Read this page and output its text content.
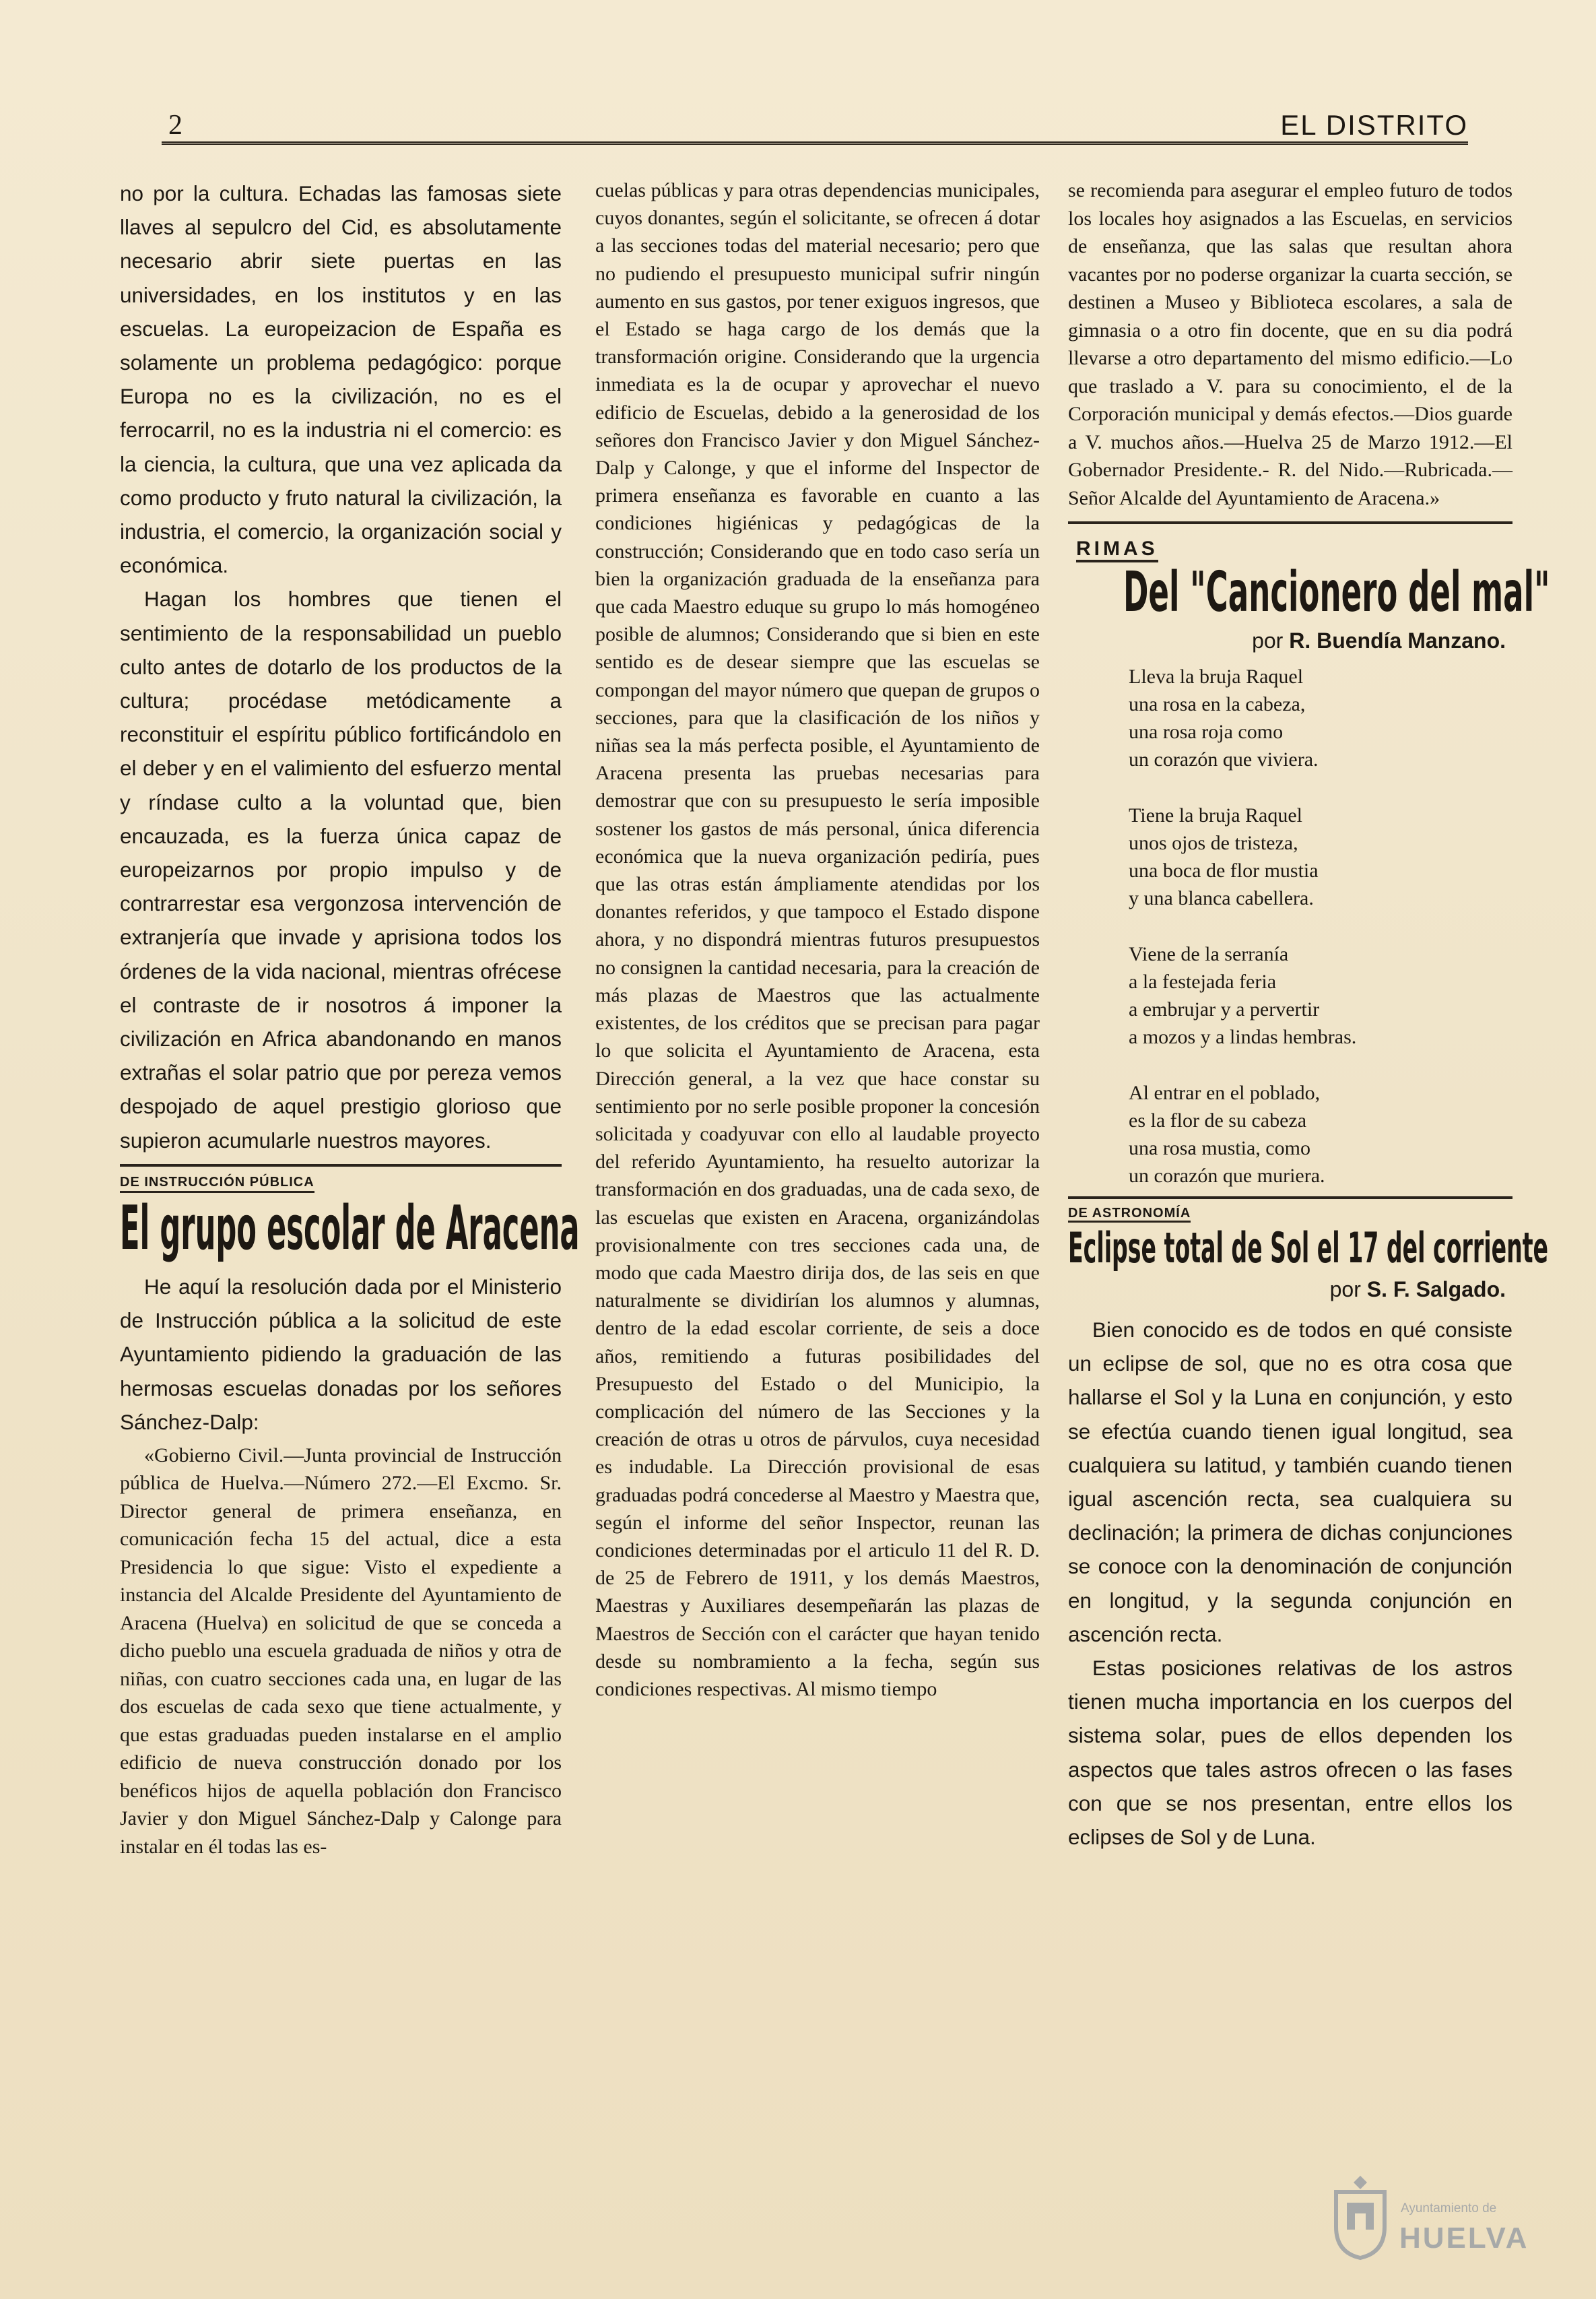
2	EL DISTRITO

no por la cultura. Echadas las famosas siete llaves al sepulcro del Cid, es absolutamente necesario abrir siete puertas en las universidades, en los institutos y en las escuelas. La europeizacion de España es solamente un problema pedagógico: porque Europa no es la civilización, no es el ferrocarril, no es la industria ni el comercio: es la ciencia, la cultura, que una vez aplicada da como producto y fruto natural la civilización, la industria, el comercio, la organización social y económica.

Hagan los hombres que tienen el sentimiento de la responsabilidad un pueblo culto antes de dotarlo de los productos de la cultura; procédase metódicamente a reconstituir el espíritu público fortificándolo en el deber y en el valimiento del esfuerzo mental y ríndase culto a la voluntad que, bien encauzada, es la fuerza única capaz de europeizarnos por propio impulso y de contrarrestar esa vergonzosa intervención de extranjería que invade y aprisiona todos los órdenes de la vida nacional, mientras ofrécese el contraste de ir nosotros á imponer la civilización en Africa abandonando en manos extrañas el solar patrio que por pereza vemos despojado de aquel prestigio glorioso que supieron acumularle nuestros mayores.

DE INSTRUCCIÓN PÚBLICA
El grupo escolar de Aracena

He aquí la resolución dada por el Ministerio de Instrucción pública a la solicitud de este Ayuntamiento pidiendo la graduación de las hermosas escuelas donadas por los señores Sánchez-Dalp:

«Gobierno Civil.—Junta provincial de Instrucción pública de Huelva.—Número 272.—El Excmo. Sr. Director general de primera enseñanza, en comunicación fecha 15 del actual, dice a esta Presidencia lo que sigue: Visto el expediente a instancia del Alcalde Presidente del Ayuntamiento de Aracena (Huelva) en solicitud de que se conceda a dicho pueblo una escuela graduada de niños y otra de niñas, con cuatro secciones cada una, en lugar de las dos escuelas de cada sexo que tiene actualmente, y que estas graduadas pueden instalarse en el amplio edificio de nueva construcción donado por los benéficos hijos de aquella población don Francisco Javier y don Miguel Sánchez-Dalp y Calonge para instalar en él todas las es-

cuelas públicas y para otras dependencias municipales, cuyos donantes, según el solicitante, se ofrecen á dotar a las secciones todas del material necesario; pero que no pudiendo el presupuesto municipal sufrir ningún aumento en sus gastos, por tener exiguos ingresos, que el Estado se haga cargo de los demás que la transformación origine. Considerando que la urgencia inmediata es la de ocupar y aprovechar el nuevo edificio de Escuelas, debido a la generosidad de los señores don Francisco Javier y don Miguel Sánchez-Dalp y Calonge, y que el informe del Inspector de primera enseñanza es favorable en cuanto a las condiciones higiénicas y pedagógicas de la construcción; Considerando que en todo caso sería un bien la organización graduada de la enseñanza para que cada Maestro eduque su grupo lo más homogéneo posible de alumnos; Considerando que si bien en este sentido es de desear siempre que las escuelas se compongan del mayor número que quepan de grupos o secciones, para que la clasificación de los niños y niñas sea la más perfecta posible, el Ayuntamiento de Aracena presenta las pruebas necesarias para demostrar que con su presupuesto le sería imposible sostener los gastos de más personal, única diferencia económica que la nueva organización pediría, pues que las otras están ámpliamente atendidas por los donantes referidos, y que tampoco el Estado dispone ahora, y no dispondrá mientras futuros presupuestos no consignen la cantidad necesaria, para la creación de más plazas de Maestros que las actualmente existentes, de los créditos que se precisan para pagar lo que solicita el Ayuntamiento de Aracena, esta Dirección general, a la vez que hace constar su sentimiento por no serle posible proponer la concesión solicitada y coadyuvar con ello al laudable proyecto del referido Ayuntamiento, ha resuelto autorizar la transformación en dos graduadas, una de cada sexo, de las escuelas que existen en Aracena, organizándolas provisionalmente con tres secciones cada una, de modo que cada Maestro dirija dos, de las seis en que naturalmente se dividirían los alumnos y alumnas, dentro de la edad escolar corriente, de seis a doce años, remitiendo a futuras posibilidades del Presupuesto del Estado o del Municipio, la complicación del número de las Secciones y la creación de otras u otros de párvulos, cuya necesidad es indudable. La Dirección provisional de esas graduadas podrá concederse al Maestro y Maestra que, según el informe del señor Inspector, reunan las condiciones determinadas por el articulo 11 del R. D. de 25 de Febrero de 1911, y los demás Maestros, Maestras y Auxiliares desempeñarán las plazas de Maestros de Sección con el carácter que hayan tenido desde su nombramiento a la fecha, según sus condiciones respectivas. Al mismo tiempo

se recomienda para asegurar el empleo futuro de todos los locales hoy asignados a las Escuelas, en servicios de enseñanza, que las salas que resultan ahora vacantes por no poderse organizar la cuarta sección, se destinen a Museo y Biblioteca escolares, a sala de gimnasia o a otro fin docente, que en su dia podrá llevarse a otro departamento del mismo edificio.—Lo que traslado a V. para su conocimiento, el de la Corporación municipal y demás efectos.—Dios guarde a V. muchos años.—Huelva 25 de Marzo 1912.—El Gobernador Presidente.- R. del Nido.—Rubricada.—Señor Alcalde del Ayuntamiento de Aracena.»

RIMAS
Del "Cancionero del mal"
por R. Buendía Manzano.
Lleva la bruja Raquel
una rosa en la cabeza,
una rosa roja como
un corazón que viviera.
Tiene la bruja Raquel
unos ojos de tristeza,
una boca de flor mustia
y una blanca cabellera.
Viene de la serranía
a la festejada feria
a embrujar y a pervertir
a mozos y a lindas hembras.
Al entrar en el poblado,
es la flor de su cabeza
una rosa mustia, como
un corazón que muriera.
DE ASTRONOMÍA
Eclipse total de Sol el 17 del corriente
por S. F. Salgado.

Bien conocido es de todos en qué consiste un eclipse de sol, que no es otra cosa que hallarse el Sol y la Luna en conjunción, y esto se efectúa cuando tienen igual longitud, sea cualquiera su latitud, y también cuando tienen igual ascención recta, sea cualquiera su declinación; la primera de dichas conjunciones se conoce con la denominación de conjunción en longitud, y la segunda conjunción en ascención recta.

Estas posiciones relativas de los astros tienen mucha importancia en los cuerpos del sistema solar, pues de ellos dependen los aspectos que tales astros ofrecen o las fases con que se nos presentan, entre ellos los eclipses de Sol y de Luna.

Ayuntamiento de
HUELVA
